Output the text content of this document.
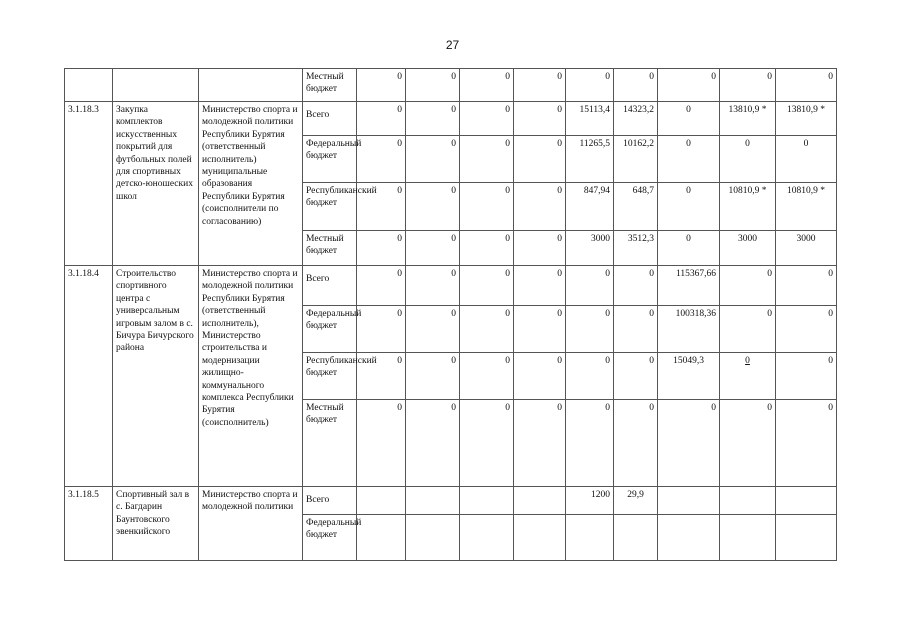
27
			Местный бюджет	0	0	0	0	0	0	0	0	0
3.1.18.3	Закупка комплектов искусственных покрытий для футбольных полей для спортивных детско-юношеских школ	Министерство спорта и молодежной политики Республики Бурятия (ответственный исполнитель) муниципальные образования Республики Бурятия (соисполнители по согласованию)	Всего	0	0	0	0	15113,4	14323,2	0	13810,9 *	13810,9 *
			Федеральный бюджет	0	0	0	0	11265,5	10162,2	0	0	0
			Республиканский бюджет	0	0	0	0	847,94	648,7	0	10810,9 *	10810,9 *
			Местный бюджет	0	0	0	0	3000	3512,3	0	3000	3000
3.1.18.4	Строительство спортивного центра с универсальным игровым залом в с. Бичура Бичурского района	Министерство спорта и молодежной политики Республики Бурятия (ответственный исполнитель), Министерство строительства и модернизации жилищно-коммунального комплекса Республики Бурятия (соисполнитель)	Всего	0	0	0	0	0	0	115367,66	0	0
			Федеральный бюджет	0	0	0	0	0	0	100318,36	0	0
			Республиканский бюджет	0	0	0	0	0	0	15049,3	0	0
			Местный бюджет	0	0	0	0	0	0	0	0	0
3.1.18.5	Спортивный зал в с. Багдарин Баунтовского эвенкийского	Министерство спорта и молодежной политики	Всего					1200	29,9			
			Федеральный бюджет									
